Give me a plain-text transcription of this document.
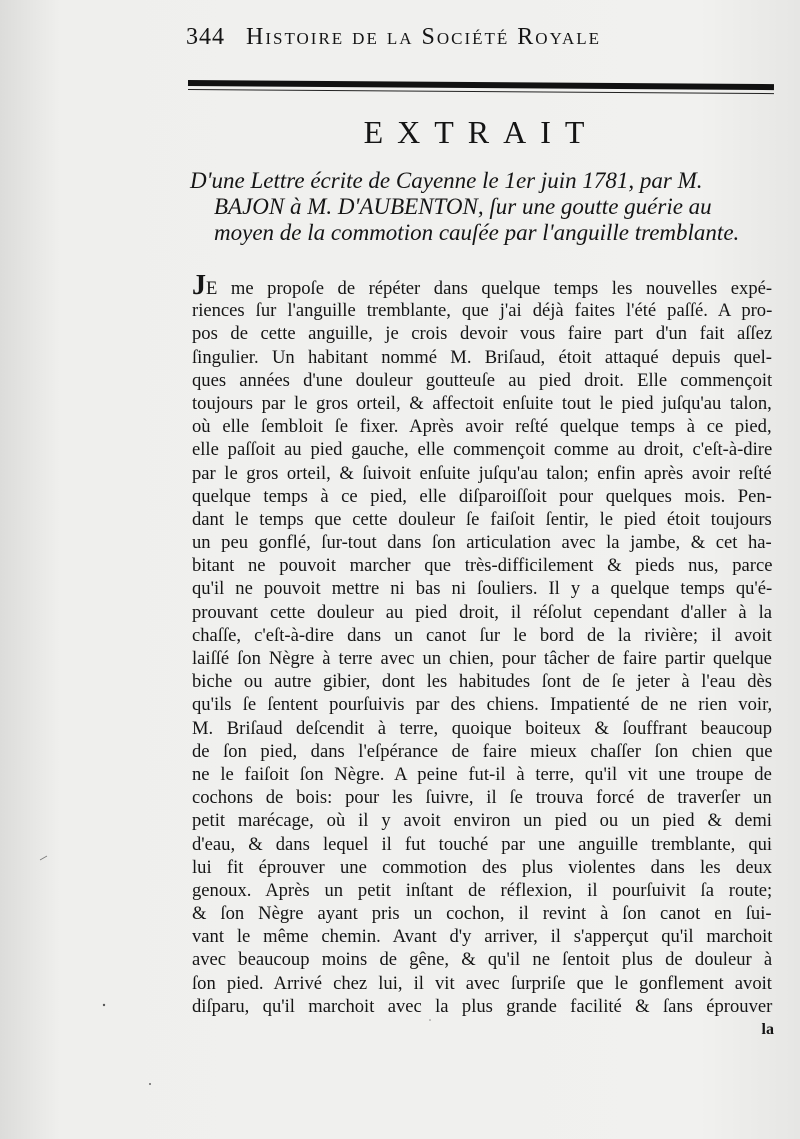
344 Histoire de la Société Royale
EXTRAIT
D'une Lettre écrite de Cayenne le 1er juin 1781, par M.
BAJON à M. D'AUBENTON, ſur une goutte guérie au
moyen de la commotion cauſée par l'anguille tremblante.
JE me propoſe de répéter dans quelque temps les nouvelles expé-
riences ſur l'anguille tremblante, que j'ai déjà faites l'été paſſé. A pro-
pos de cette anguille, je crois devoir vous faire part d'un fait aſſez
ſingulier. Un habitant nommé M. Briſaud, étoit attaqué depuis quel-
ques années d'une douleur goutteuſe au pied droit. Elle commençoit
toujours par le gros orteil, & affectoit enſuite tout le pied juſqu'au talon,
où elle ſembloit ſe fixer. Après avoir reſté quelque temps à ce pied,
elle paſſoit au pied gauche, elle commençoit comme au droit, c'eſt-à-dire
par le gros orteil, & ſuivoit enſuite juſqu'au talon; enfin après avoir reſté
quelque temps à ce pied, elle diſparoiſſoit pour quelques mois. Pen-
dant le temps que cette douleur ſe faiſoit ſentir, le pied étoit toujours
un peu gonflé, ſur-tout dans ſon articulation avec la jambe, & cet ha-
bitant ne pouvoit marcher que très-difficilement & pieds nus, parce
qu'il ne pouvoit mettre ni bas ni ſouliers. Il y a quelque temps qu'é-
prouvant cette douleur au pied droit, il réſolut cependant d'aller à la
chaſſe, c'eſt-à-dire dans un canot ſur le bord de la rivière; il avoit
laiſſé ſon Nègre à terre avec un chien, pour tâcher de faire partir quelque
biche ou autre gibier, dont les habitudes ſont de ſe jeter à l'eau dès
qu'ils ſe ſentent pourſuivis par des chiens. Impatienté de ne rien voir,
M. Briſaud deſcendit à terre, quoique boiteux & ſouffrant beaucoup
de ſon pied, dans l'eſpérance de faire mieux chaſſer ſon chien que
ne le faiſoit ſon Nègre. A peine fut-il à terre, qu'il vit une troupe de
cochons de bois: pour les ſuivre, il ſe trouva forcé de traverſer un
petit marécage, où il y avoit environ un pied ou un pied & demi
d'eau, & dans lequel il fut touché par une anguille tremblante, qui
lui fit éprouver une commotion des plus violentes dans les deux
genoux. Après un petit inſtant de réflexion, il pourſuivit ſa route;
& ſon Nègre ayant pris un cochon, il revint à ſon canot en ſui-
vant le même chemin. Avant d'y arriver, il s'apperçut qu'il marchoit
avec beaucoup moins de gêne, & qu'il ne ſentoit plus de douleur à
ſon pied. Arrivé chez lui, il vit avec ſurpriſe que le gonflement avoit
diſparu, qu'il marchoit avec la plus grande facilité & ſans éprouver
la
